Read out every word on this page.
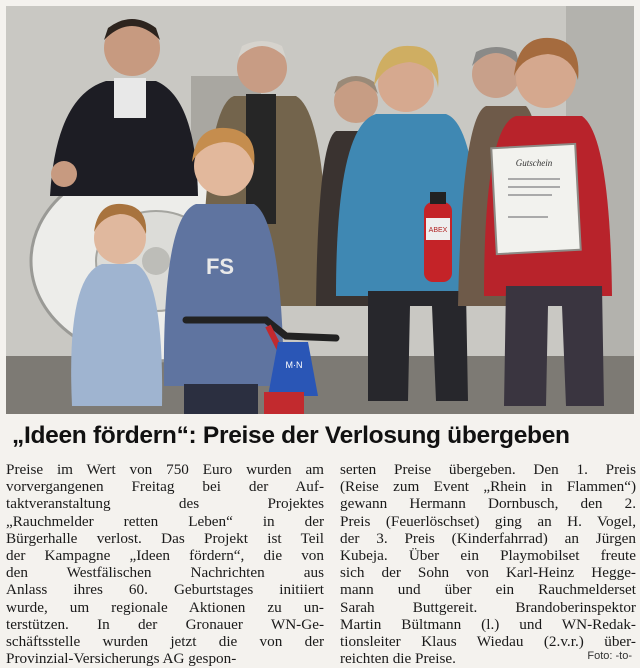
ABEX
Gutschein
FS
M·N
„Ideen fördern“: Preise der Verlosung übergeben
Preise im Wert von 750 Euro wurden am
vorvergangenen Freitag bei der Auf-
taktveranstaltung des Projektes
„Rauchmelder retten Leben“ in der
Bürgerhalle verlost. Das Projekt ist Teil
der Kampagne „Ideen fördern“, die von
den Westfälischen Nachrichten aus
Anlass ihres 60. Geburtstages initiiert
wurde, um regionale Aktionen zu un-
terstützen. In der Gronauer WN-Ge-
schäftsstelle wurden jetzt die von der
Provinzial-Versicherungs AG gespon-
serten Preise übergeben. Den 1. Preis
(Reise zum Event „Rhein in Flammen“)
gewann Hermann Dornbusch, den 2.
Preis (Feuerlöschset) ging an H. Vogel,
der 3. Preis (Kinderfahrrad) an Jürgen
Kubeja. Über ein Playmobilset freute
sich der Sohn von Karl-Heinz Hegge-
mann und über ein Rauchmelderset
Sarah Buttgereit. Brandoberinspektor
Martin Bültmann (l.) und WN-Redak-
tionsleiter Klaus Wiedau (2.v.r.) über-
reichten die Preise.	Foto: -to-
